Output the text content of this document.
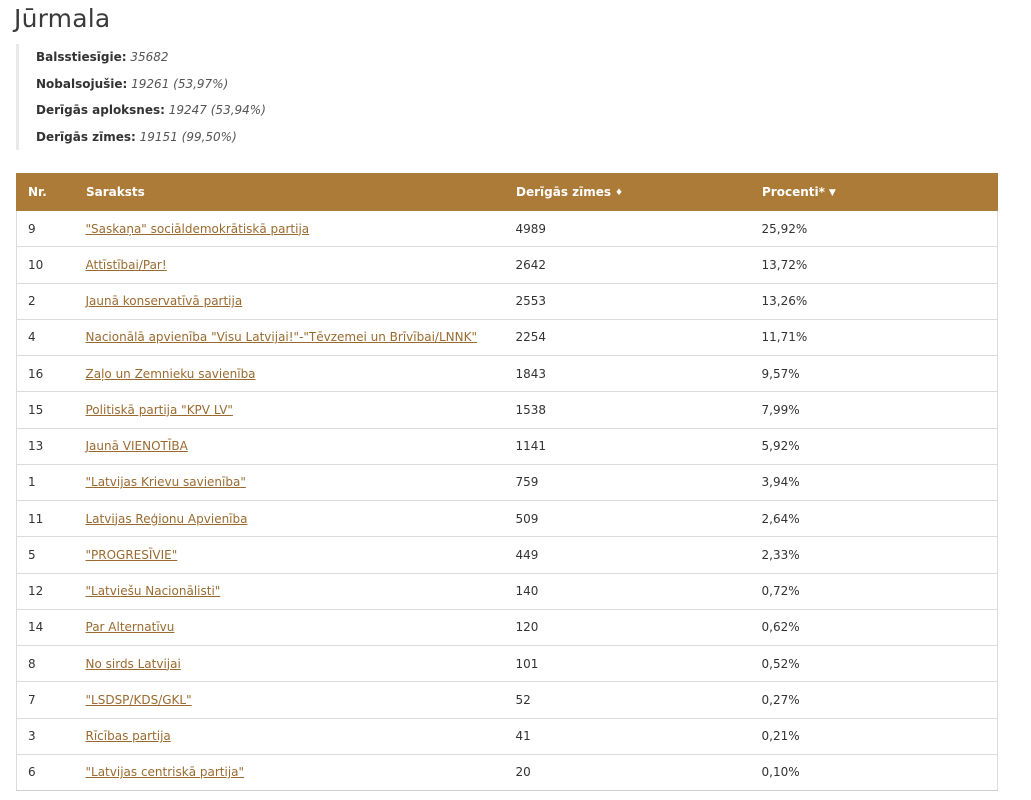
Jūrmala
Balsstiesīgie: 35682
Nobalsojušie: 19261 (53,97%)
Derīgās aploksnes: 19247 (53,94%)
Derīgās zīmes: 19151 (99,50%)
Nr.	Saraksts	Derīgās zīmes ♦	Procenti* ▼
9	"Saskaņa" sociāldemokrātiskā partija	4989	25,92%
10	Attīstībai/Par!	2642	13,72%
2	Jaunā konservatīvā partija	2553	13,26%
4	Nacionālā apvienība "Visu Latvijai!"-"Tēvzemei un Brīvībai/LNNK"	2254	11,71%
16	Zaļo un Zemnieku savienība	1843	9,57%
15	Politiskā partija "KPV LV"	1538	7,99%
13	Jaunā VIENOTĪBA	1141	5,92%
1	"Latvijas Krievu savienība"	759	3,94%
11	Latvijas Reģionu Apvienība	509	2,64%
5	"PROGRESĪVIE"	449	2,33%
12	"Latviešu Nacionālisti"	140	0,72%
14	Par Alternatīvu	120	0,62%
8	No sirds Latvijai	101	0,52%
7	"LSDSP/KDS/GKL"	52	0,27%
3	Rīcības partija	41	0,21%
6	"Latvijas centriskā partija"	20	0,10%
